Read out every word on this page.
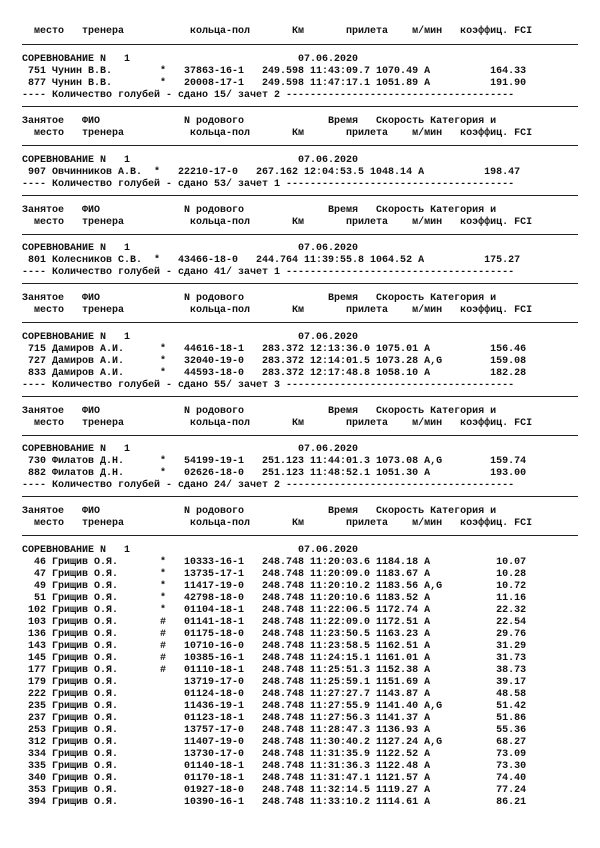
место   тренера           кольца-пол       Км       прилета    м/мин   коэффиц. FCI
СОРЕВНОВАНИЕ N   1                            07.06.2020
751 Чунин В.В.        *   37863-16-1   249.598 11:43:09.7 1070.49 A          164.33
877 Чунин В.В.        *   20008-17-1   249.598 11:47:17.1 1051.89 A          191.90
---- Количество голубей - сдано 15/ зачет 2 --------------------------------------
Занятое   ФИО              N родового              Время   Скорость Категория и
место   тренера           кольца-пол       Км       прилета    м/мин   коэффиц. FCI
СОРЕВНОВАНИЕ N   1                            07.06.2020
907 Овчинников А.В.  *   22210-17-0   267.162 12:04:53.5 1048.14 A          198.47
---- Количество голубей - сдано 53/ зачет 1 --------------------------------------
Занятое   ФИО              N родового              Время   Скорость Категория и
место   тренера           кольца-пол       Км       прилета    м/мин   коэффиц. FCI
СОРЕВНОВАНИЕ N   1                            07.06.2020
801 Колесников С.В.  *   43466-18-0   244.764 11:39:55.8 1064.52 A          175.27
---- Количество голубей - сдано 41/ зачет 1 --------------------------------------
Занятое   ФИО              N родового              Время   Скорость Категория и
место   тренера           кольца-пол       Км       прилета    м/мин   коэффиц. FCI
СОРЕВНОВАНИЕ N   1                            07.06.2020
715 Дамиров А.И.      *   44616-18-1   283.372 12:13:36.0 1075.01 A          156.46
727 Дамиров А.И.      *   32040-19-0   283.372 12:14:01.5 1073.28 A,G        159.08
833 Дамиров А.И.      *   44593-18-0   283.372 12:17:48.8 1058.10 A          182.28
---- Количество голубей - сдано 55/ зачет 3 --------------------------------------
Занятое   ФИО              N родового              Время   Скорость Категория и
место   тренера           кольца-пол       Км       прилета    м/мин   коэффиц. FCI
СОРЕВНОВАНИЕ N   1                            07.06.2020
730 Филатов Д.Н.      *   54199-19-1   251.123 11:44:01.3 1073.08 A,G        159.74
882 Филатов Д.Н.      *   02626-18-0   251.123 11:48:52.1 1051.30 A          193.00
---- Количество голубей - сдано 24/ зачет 2 --------------------------------------
Занятое   ФИО              N родового              Время   Скорость Категория и
место   тренера           кольца-пол       Км       прилета    м/мин   коэффиц. FCI
СОРЕВНОВАНИЕ N   1                            07.06.2020
46 Грищив О.Я.       *   10333-16-1   248.748 11:20:03.6 1184.18 A           10.07
47 Грищив О.Я.       *   13735-17-1   248.748 11:20:09.0 1183.67 A           10.28
49 Грищив О.Я.       *   11417-19-0   248.748 11:20:10.2 1183.56 A,G         10.72
51 Грищив О.Я.       *   42798-18-0   248.748 11:20:10.6 1183.52 A           11.16
102 Грищив О.Я.       *   01104-18-1   248.748 11:22:06.5 1172.74 A           22.32
103 Грищив О.Я.       #   01141-18-1   248.748 11:22:09.0 1172.51 A           22.54
136 Грищив О.Я.       #   01175-18-0   248.748 11:23:50.5 1163.23 A           29.76
143 Грищив О.Я.       #   10710-16-0   248.748 11:23:58.5 1162.51 A           31.29
145 Грищив О.Я.       #   10385-16-1   248.748 11:24:15.1 1161.01 A           31.73
177 Грищив О.Я.       #   01110-18-1   248.748 11:25:51.3 1152.38 A           38.73
179 Грищив О.Я.           13719-17-0   248.748 11:25:59.1 1151.69 A           39.17
222 Грищив О.Я.           01124-18-0   248.748 11:27:27.7 1143.87 A           48.58
235 Грищив О.Я.           11436-19-1   248.748 11:27:55.9 1141.40 A,G         51.42
237 Грищив О.Я.           01123-18-1   248.748 11:27:56.3 1141.37 A           51.86
253 Грищив О.Я.           13757-17-0   248.748 11:28:47.3 1136.93 A           55.36
312 Грищив О.Я.           11407-19-0   248.748 11:30:40.2 1127.24 A,G         68.27
334 Грищив О.Я.           13730-17-0   248.748 11:31:35.9 1122.52 A           73.09
335 Грищив О.Я.           01140-18-1   248.748 11:31:36.3 1122.48 A           73.30
340 Грищив О.Я.           01170-18-1   248.748 11:31:47.1 1121.57 A           74.40
353 Грищив О.Я.           01927-18-0   248.748 11:32:14.5 1119.27 A           77.24
394 Грищив О.Я.           10390-16-1   248.748 11:33:10.2 1114.61 A           86.21
